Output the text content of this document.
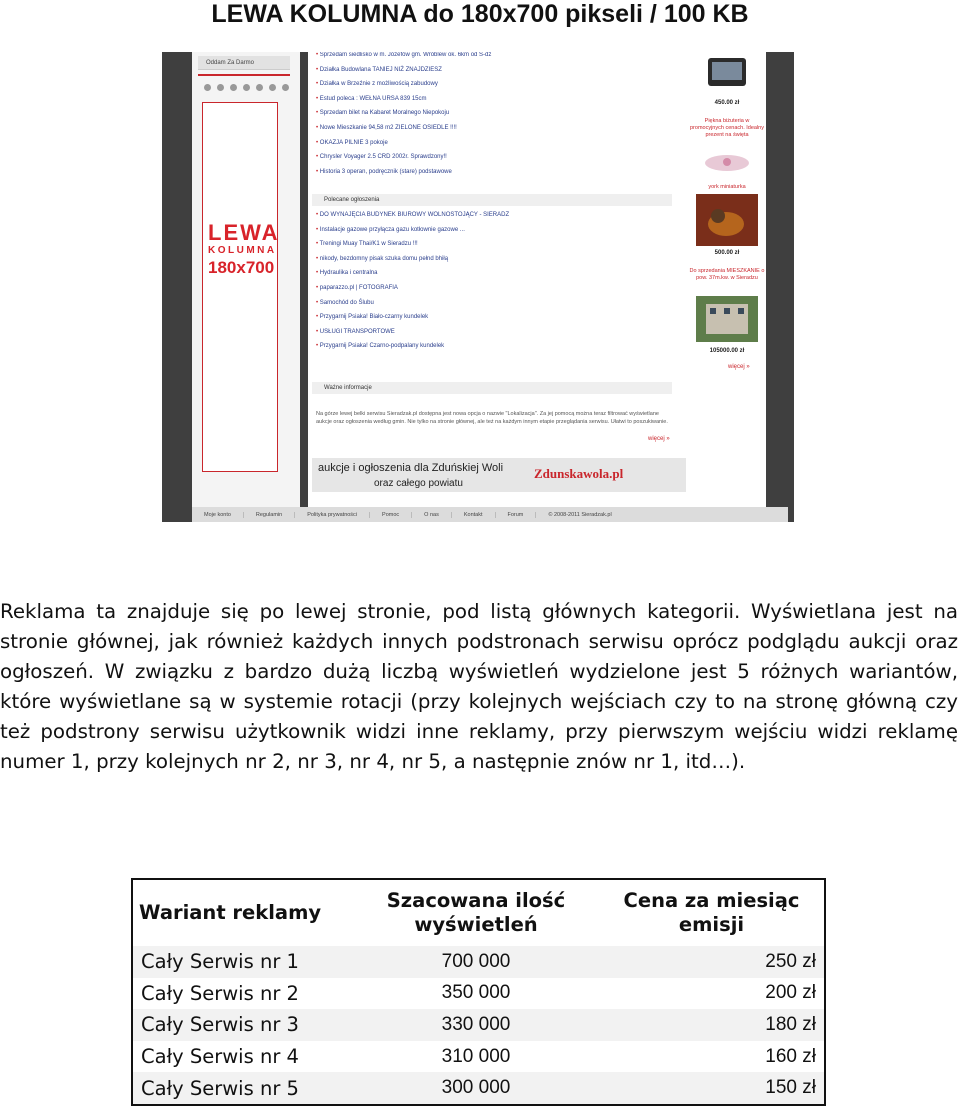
LEWA KOLUMNA do 180x700 pikseli / 100 KB
Oddam Za Darmo
LEWA
KOLUMNA
180x700
• Sprzedam siedlisko w m. Józefów gm. Wróblew ok. 6km od S-dz
• Działka Budowlana TANIEJ NIŻ ZNAJDZIESZ
• Działka w Brzeźnie z możliwością zabudowy
• Estud poleca : WEŁNA URSA 839 15cm
• Sprzedam bilet na Kabaret Moralnego Niepokoju
• Nowe Mieszkanie 94,58 m2 ZIELONE OSIEDLE !!!!
• OKAZJA PILNIE 3 pokoje
• Chrysler Voyager 2.5 CRD 2002r. Sprawdzony!!
• Historia 3 operan, podręcznik (stare) podstawowe
Polecane ogłoszenia
• DO WYNAJĘCIA BUDYNEK BIUROWY WOLNOSTOJĄCY - SIERADZ
• Instalacje gazowe przyłącza gazu kotłownie gazowe ...
• Treningi Muay Thai/K1 w Sieradzu !!!
• nikody, bezdomny pisak szuka domu pełnd bhiłą
• Hydraulika i centralna
• paparazzo.pl | FOTOGRAFIA
• Samochód do Ślubu
• Przygarnij Psiaka! Biało-czarny kundelek
• USŁUGI TRANSPORTOWE
• Przygarnij Psiaka! Czarno-podpalany kundelek
Ważne informacje
Na górze lewej belki serwisu Sieradzak.pl dostępna jest nowa opcja o nazwie "Lokalizacja". Za jej pomocą można teraz filtrować wyświetlane aukcje oraz ogłoszenia według gmin. Nie tylko na stronie głównej, ale też na każdym innym etapie przeglądania serwisu. Ułatwi to poszukiwanie.
więcej »
aukcje i ogłoszenia dla Zduńskiej Woli
oraz całego powiatu
Zdunskawola.pl
450.00 zł
Piękna biżuteria w promocyjnych cenach. Idealny prezent na święta
york miniaturka
500.00 zł
Do sprzedania MIESZKANIE o pow. 37m.kw. w Sieradzu
105000.00 zł
więcej »
Moje konto	Regulamin	Polityka prywatności	Pomoc	O nas	Kontakt	Forum	© 2008-2011 Sieradzak.pl

Reklama ta znajduje się po lewej stronie, pod listą głównych kategorii. Wyświetlana jest na stronie głównej, jak również każdych innych podstronach serwisu oprócz podglądu aukcji oraz ogłoszeń. W związku z bardzo dużą liczbą wyświetleń wydzielone jest 5 różnych wariantów, które wyświetlane są w systemie rotacji (przy kolejnych wejściach czy to na stronę główną czy też podstrony serwisu użytkownik widzi inne reklamy, przy pierwszym wejściu widzi reklamę numer 1, przy kolejnych nr 2, nr 3, nr 4, nr 5, a następnie znów nr 1, itd…).

Wariant reklamy	Szacowana ilość wyświetleń	Cena za miesiąc emisji
Cały Serwis nr 1	700 000	250 zł
Cały Serwis nr 2	350 000	200 zł
Cały Serwis nr 3	330 000	180 zł
Cały Serwis nr 4	310 000	160 zł
Cały Serwis nr 5	300 000	150 zł
